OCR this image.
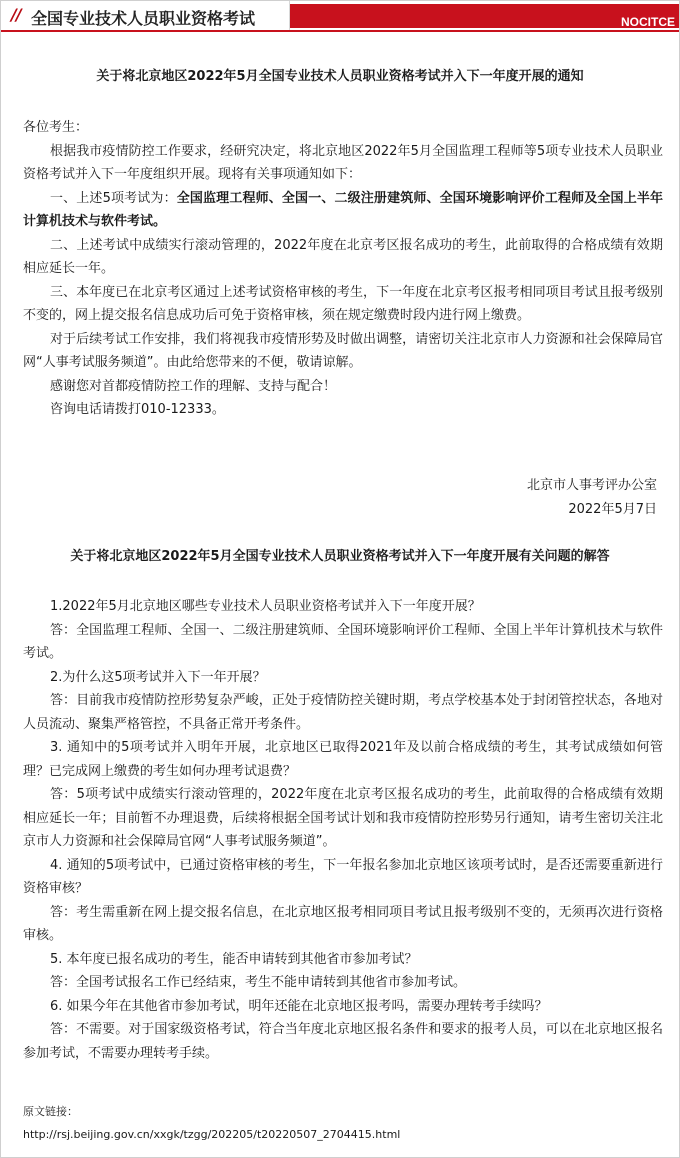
// 全国专业技术人员职业资格考试	NOCITCE
关于将北京地区2022年5月全国专业技术人员职业资格考试并入下一年度开展的通知

各位考生：

根据我市疫情防控工作要求，经研究决定，将北京地区2022年5月全国监理工程师等5项专业技术人员职业资格考试并入下一年度组织开展。现将有关事项通知如下：

一、上述5项考试为：全国监理工程师、全国一、二级注册建筑师、全国环境影响评价工程师及全国上半年计算机技术与软件考试。

二、上述考试中成绩实行滚动管理的，2022年度在北京考区报名成功的考生，此前取得的合格成绩有效期相应延长一年。

三、本年度已在北京考区通过上述考试资格审核的考生，下一年度在北京考区报考相同项目考试且报考级别不变的，网上提交报名信息成功后可免于资格审核，须在规定缴费时段内进行网上缴费。

对于后续考试工作安排，我们将视我市疫情形势及时做出调整，请密切关注北京市人力资源和社会保障局官网“人事考试服务频道”。由此给您带来的不便，敬请谅解。

感谢您对首都疫情防控工作的理解、支持与配合！

咨询电话请拨打010-12333。

北京市人事考评办公室

2022年5月7日

关于将北京地区2022年5月全国专业技术人员职业资格考试并入下一年度开展有关问题的解答

1.2022年5月北京地区哪些专业技术人员职业资格考试并入下一年度开展？

答：全国监理工程师、全国一、二级注册建筑师、全国环境影响评价工程师、全国上半年计算机技术与软件考试。

2.为什么这5项考试并入下一年开展？

答：目前我市疫情防控形势复杂严峻，正处于疫情防控关键时期，考点学校基本处于封闭管控状态，各地对人员流动、聚集严格管控，不具备正常开考条件。

3. 通知中的5项考试并入明年开展，北京地区已取得2021年及以前合格成绩的考生，其考试成绩如何管理？已完成网上缴费的考生如何办理考试退费？

答：5项考试中成绩实行滚动管理的，2022年度在北京考区报名成功的考生，此前取得的合格成绩有效期相应延长一年；目前暂不办理退费，后续将根据全国考试计划和我市疫情防控形势另行通知，请考生密切关注北京市人力资源和社会保障局官网“人事考试服务频道”。

4. 通知的5项考试中，已通过资格审核的考生，下一年报名参加北京地区该项考试时，是否还需要重新进行资格审核？

答：考生需重新在网上提交报名信息，在北京地区报考相同项目考试且报考级别不变的，无须再次进行资格审核。

5. 本年度已报名成功的考生，能否申请转到其他省市参加考试？

答：全国考试报名工作已经结束，考生不能申请转到其他省市参加考试。

6. 如果今年在其他省市参加考试，明年还能在北京地区报考吗，需要办理转考手续吗？

答：不需要。对于国家级资格考试，符合当年度北京地区报名条件和要求的报考人员，可以在北京地区报名参加考试，不需要办理转考手续。

原文链接：
http://rsj.beijing.gov.cn/xxgk/tzgg/202205/t20220507_2704415.html
